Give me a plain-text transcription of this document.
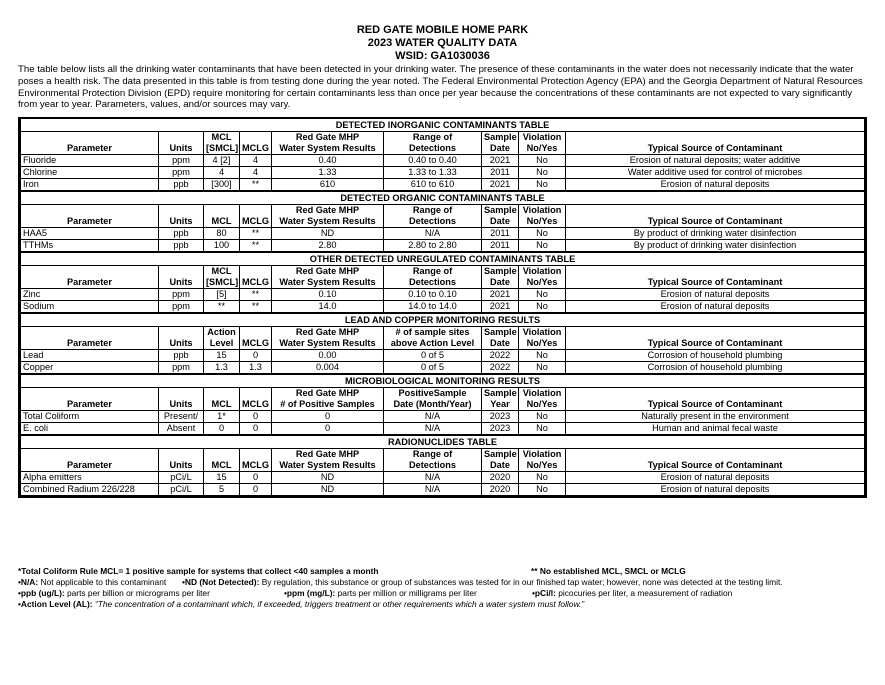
RED GATE MOBILE HOME PARK
2023 WATER QUALITY DATA
WSID: GA1030036
The table below lists all the drinking water contaminants that have been detected in your drinking water. The presence of these contaminants in the water does not necessarily indicate that the water poses a health risk. The data presented in this table is from testing done during the year noted. The Federal Environmental Protection Agency (EPA) and the Georgia Department of Natural Resources Environmental Protection Division (EPD) require monitoring for certain contaminants less than once per year because the concentrations of these contaminants are not expected to vary significantly from year to year. Parameters, values, and/or sources may vary.
DETECTED INORGANIC CONTAMINANTS TABLE								
		MCL		Red Gate MHP	Range of	Sample	Violation	
Parameter	Units	[SMCL]	MCLG	Water System Results	Detections	Date	No/Yes	Typical Source of Contaminant
Fluoride	ppm	4 [2]	4	0.40	0.40 to 0.40	2021	No	Erosion of natural deposits; water additive
Chlorine	ppm	4	4	1.33	1.33 to 1.33	2011	No	Water additive used for control of microbes
Iron	ppb	[300]	**	610	610 to 610	2021	No	Erosion of natural deposits
DETECTED ORGANIC CONTAMINANTS TABLE								
				Red Gate MHP	Range of	Sample	Violation	
Parameter	Units	MCL	MCLG	Water System Results	Detections	Date	No/Yes	Typical Source of Contaminant
HAA5	ppb	80	**	ND	N/A	2011	No	By product of drinking water disinfection
TTHMs	ppb	100	**	2.80	2.80 to 2.80	2011	No	By product of drinking water disinfection
OTHER DETECTED UNREGULATED CONTAMINANTS TABLE								
		MCL		Red Gate MHP	Range of	Sample	Violation	
Parameter	Units	[SMCL]	MCLG	Water System Results	Detections	Date	No/Yes	Typical Source of Contaminant
Zinc	ppm	[5]	**	0.10	0.10 to 0.10	2021	No	Erosion of natural deposits
Sodium	ppm	**	**	14.0	14.0 to 14.0	2021	No	Erosion of natural deposits
LEAD AND COPPER MONITORING RESULTS								
		Action		Red Gate MHP	# of sample sites	Sample	Violation	
Parameter	Units	Level	MCLG	Water System Results	above Action Level	Date	No/Yes	Typical Source of Contaminant
Lead	ppb	15	0	0.00	0 of 5	2022	No	Corrosion of household plumbing
Copper	ppm	1.3	1.3	0.004	0 of 5	2022	No	Corrosion of household plumbing
MICROBIOLOGICAL MONITORING RESULTS								
				Red Gate MHP	PositiveSample	Sample	Violation	
Parameter	Units	MCL	MCLG	# of Positive Samples	Date (Month/Year)	Year	No/Yes	Typical Source of Contaminant
Total Coliform	Present/	1*	0	0	N/A	2023	No	Naturally present in the environment
E. coli	Absent	0	0	0	N/A	2023	No	Human and animal fecal waste
RADIONUCLIDES TABLE								
				Red Gate MHP	Range of	Sample	Violation	
Parameter	Units	MCL	MCLG	Water System Results	Detections	Date	No/Yes	Typical Source of Contaminant
Alpha emitters	pCi/L	15	0	ND	N/A	2020	No	Erosion of natural deposits
Combined Radium 226/228	pCi/L	5	0	ND	N/A	2020	No	Erosion of natural deposits
*Total Coliform Rule MCL= 1 positive sample for systems that collect <40 samples a month	** No established MCL, SMCL or MCLG
•N/A: Not applicable to this contaminant •ND (Not Detected): By regulation, this substance or group of substances was tested for in our finished tap water; however, none was detected at the testing limit.
•ppb (ug/L): parts per billion or micrograms per liter	•ppm (mg/L): parts per million or milligrams per liter	•pCi/l: picocuries per liter, a measurement of radiation
•Action Level (AL): “The concentration of a contaminant which, if exceeded, triggers treatment or other requirements which a water system must follow.”
